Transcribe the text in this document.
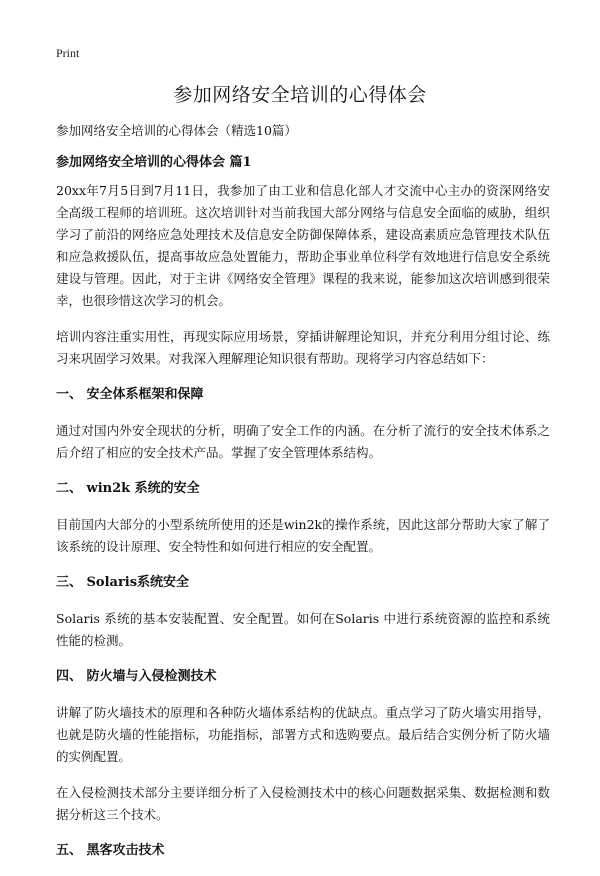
Print
参加网络安全培训的心得体会

参加网络安全培训的心得体会（精选10篇）

参加网络安全培训的心得体会 篇1

20xx年7月5日到7月11日，我参加了由工业和信息化部人才交流中心主办的资深网络安全高级工程师的培训班。这次培训针对当前我国大部分网络与信息安全面临的威胁，组织学习了前沿的网络应急处理技术及信息安全防御保障体系，建设高素质应急管理技术队伍和应急救援队伍，提高事故应急处置能力，帮助企事业单位科学有效地进行信息安全系统建设与管理。因此，对于主讲《网络安全管理》课程的我来说，能参加这次培训感到很荣幸，也很珍惜这次学习的机会。

培训内容注重实用性，再现实际应用场景，穿插讲解理论知识，并充分利用分组讨论、练习来巩固学习效果。对我深入理解理论知识很有帮助。现将学习内容总结如下：

一、 安全体系框架和保障

通过对国内外安全现状的分析，明确了安全工作的内涵。在分析了流行的安全技术体系之后介绍了相应的安全技术产品。掌握了安全管理体系结构。

二、 win2k 系统的安全

目前国内大部分的小型系统所使用的还是win2k的操作系统，因此这部分帮助大家了解了该系统的设计原理、安全特性和如何进行相应的安全配置。

三、 Solaris系统安全

Solaris 系统的基本安装配置、安全配置。如何在Solaris 中进行系统资源的监控和系统性能的检测。

四、 防火墙与入侵检测技术

讲解了防火墙技术的原理和各种防火墙体系结构的优缺点。重点学习了防火墙实用指导，也就是防火墙的性能指标，功能指标，部署方式和选购要点。最后结合实例分析了防火墙的实例配置。

在入侵检测技术部分主要详细分析了入侵检测技术中的核心问题数据采集、数据检测和数据分析这三个技术。

五、 黑客攻击技术
